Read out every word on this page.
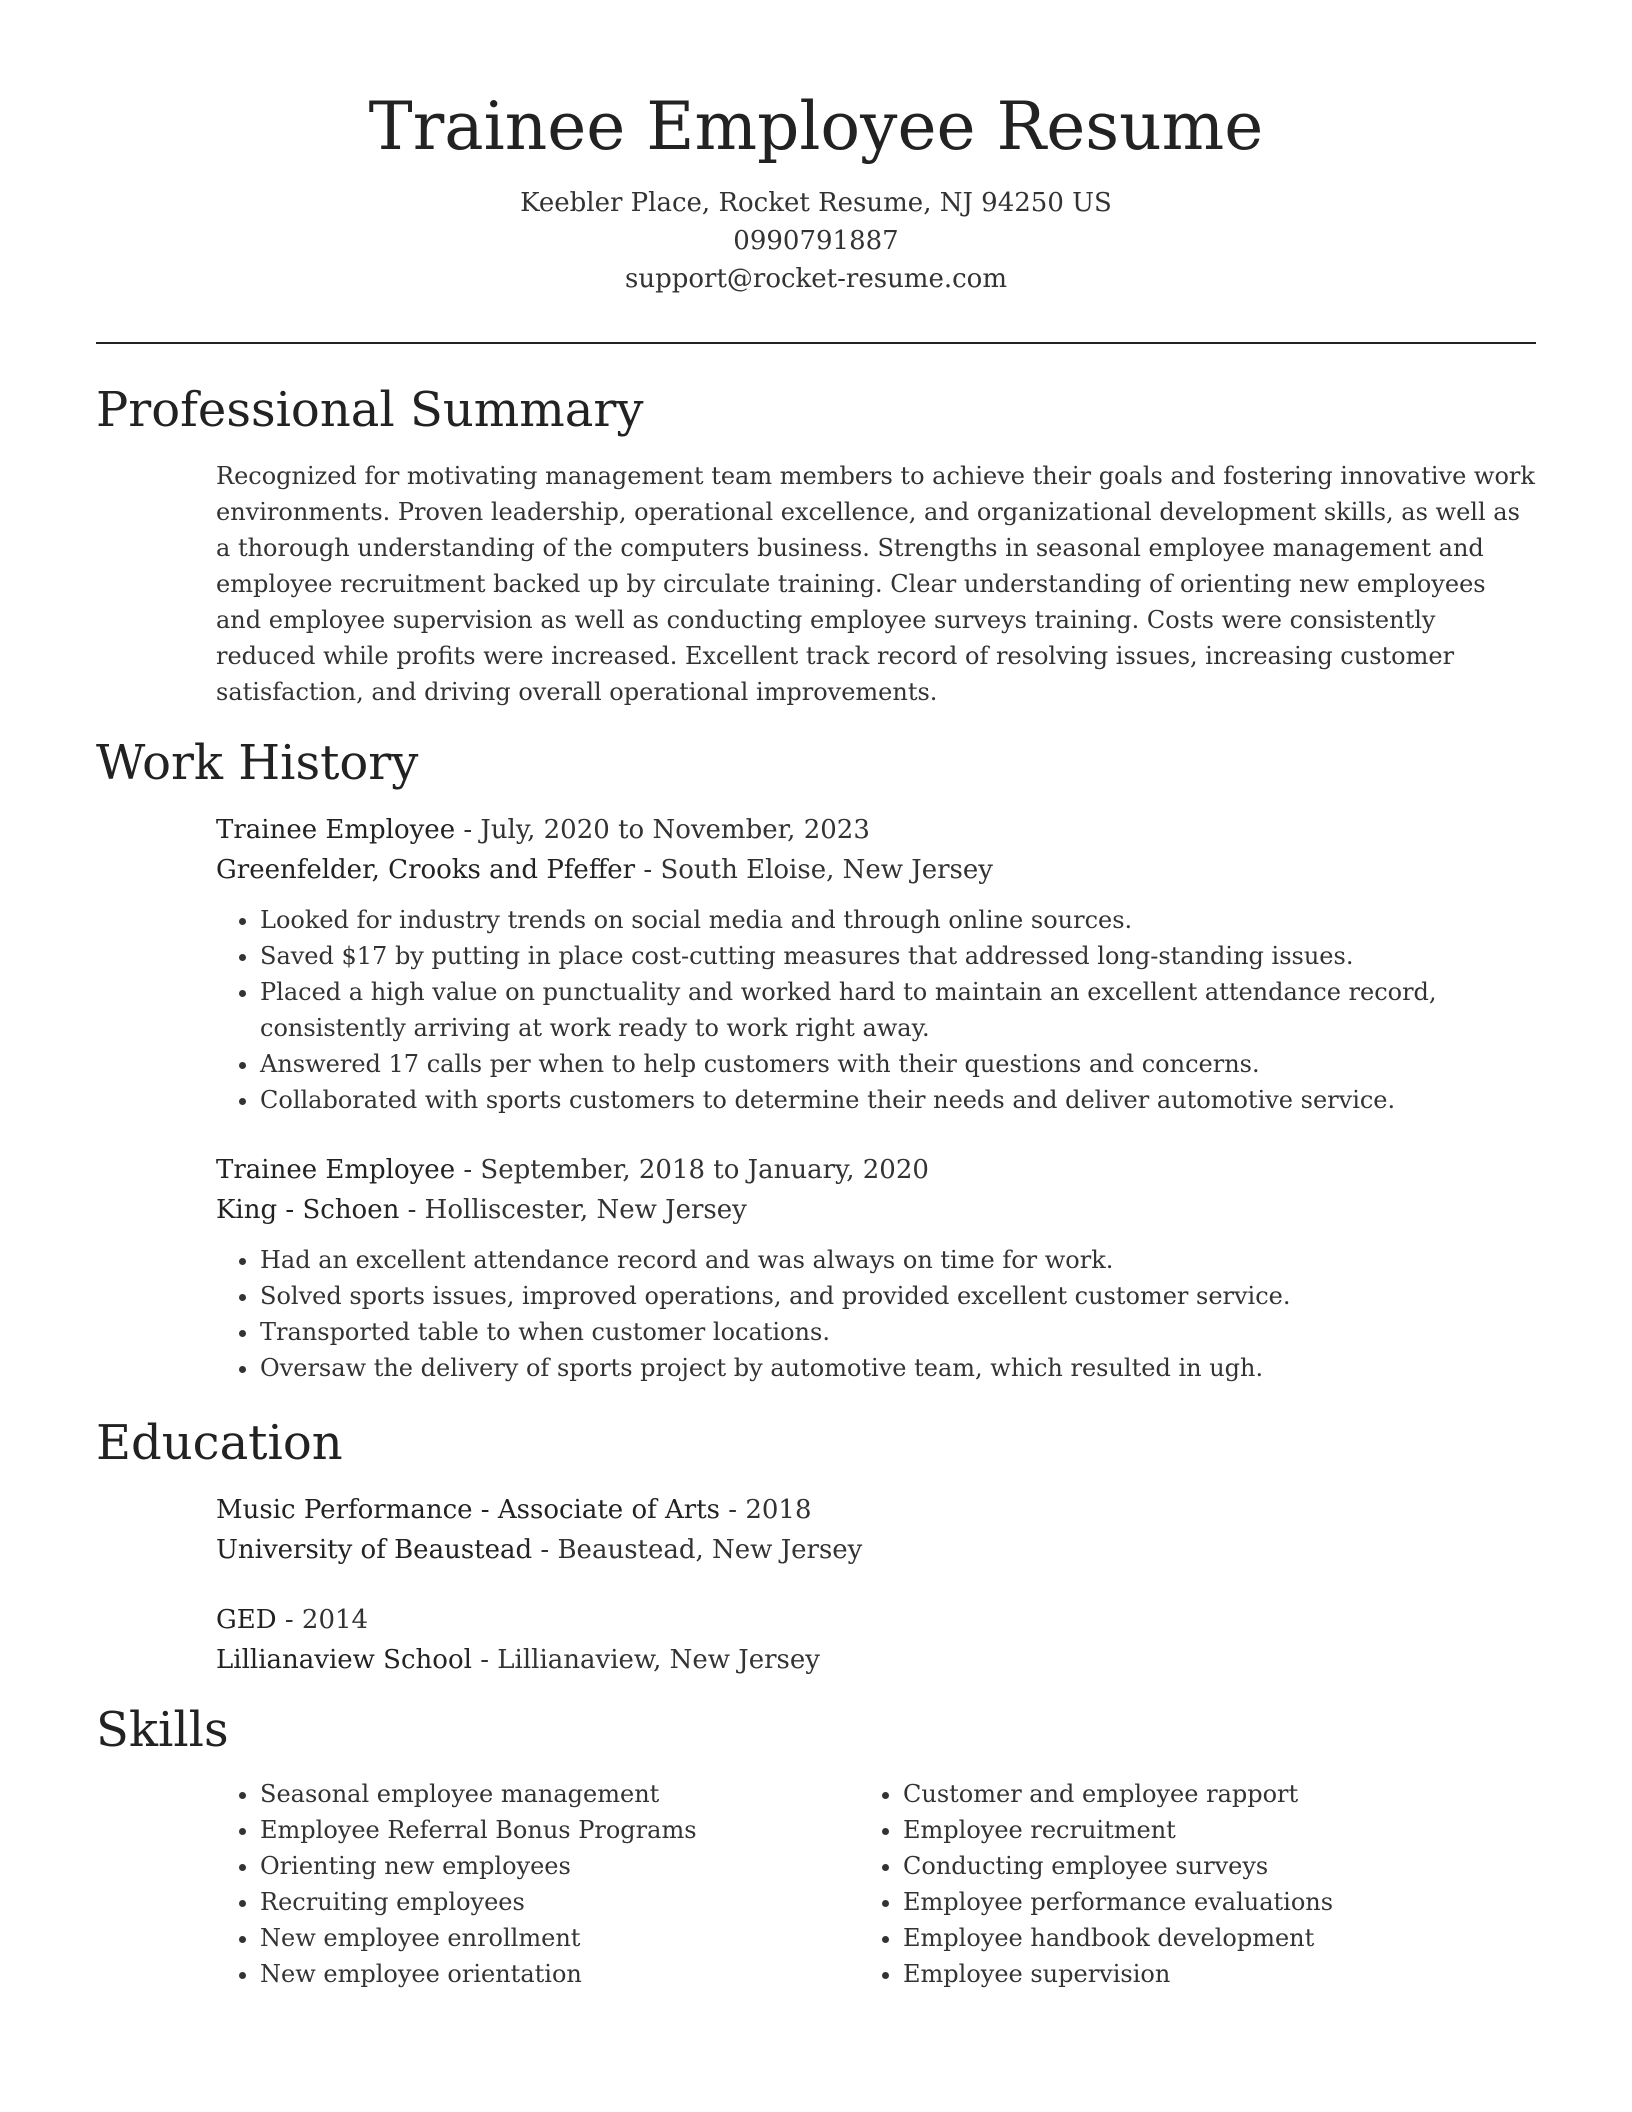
Trainee Employee Resume
Keebler Place, Rocket Resume, NJ 94250 US
0990791887
support@rocket-resume.com
Professional Summary

Recognized for motivating management team members to achieve their goals and fostering innovative work environments. Proven leadership, operational excellence, and organizational development skills, as well as a thorough understanding of the computers business. Strengths in seasonal employee management and employee recruitment backed up by circulate training. Clear understanding of orienting new employees and employee supervision as well as conducting employee surveys training. Costs were consistently reduced while profits were increased. Excellent track record of resolving issues, increasing customer satisfaction, and driving overall operational improvements.

Work History

Trainee Employee - July, 2020 to November, 2023

Greenfelder, Crooks and Pfeffer - South Eloise, New Jersey

• Looked for industry trends on social media and through online sources.
• Saved $17 by putting in place cost-cutting measures that addressed long-standing issues.
• Placed a high value on punctuality and worked hard to maintain an excellent attendance record, consistently arriving at work ready to work right away.
• Answered 17 calls per when to help customers with their questions and concerns.
• Collaborated with sports customers to determine their needs and deliver automotive service.

Trainee Employee - September, 2018 to January, 2020

King - Schoen - Holliscester, New Jersey

• Had an excellent attendance record and was always on time for work.
• Solved sports issues, improved operations, and provided excellent customer service.
• Transported table to when customer locations.
• Oversaw the delivery of sports project by automotive team, which resulted in ugh.
Education

Music Performance - Associate of Arts - 2018

University of Beaustead - Beaustead, New Jersey

GED - 2014

Lillianaview School - Lillianaview, New Jersey

Skills
• Seasonal employee management
• Employee Referral Bonus Programs
• Orienting new employees
• Recruiting employees
• New employee enrollment
• New employee orientation
• Customer and employee rapport
• Employee recruitment
• Conducting employee surveys
• Employee performance evaluations
• Employee handbook development
• Employee supervision
